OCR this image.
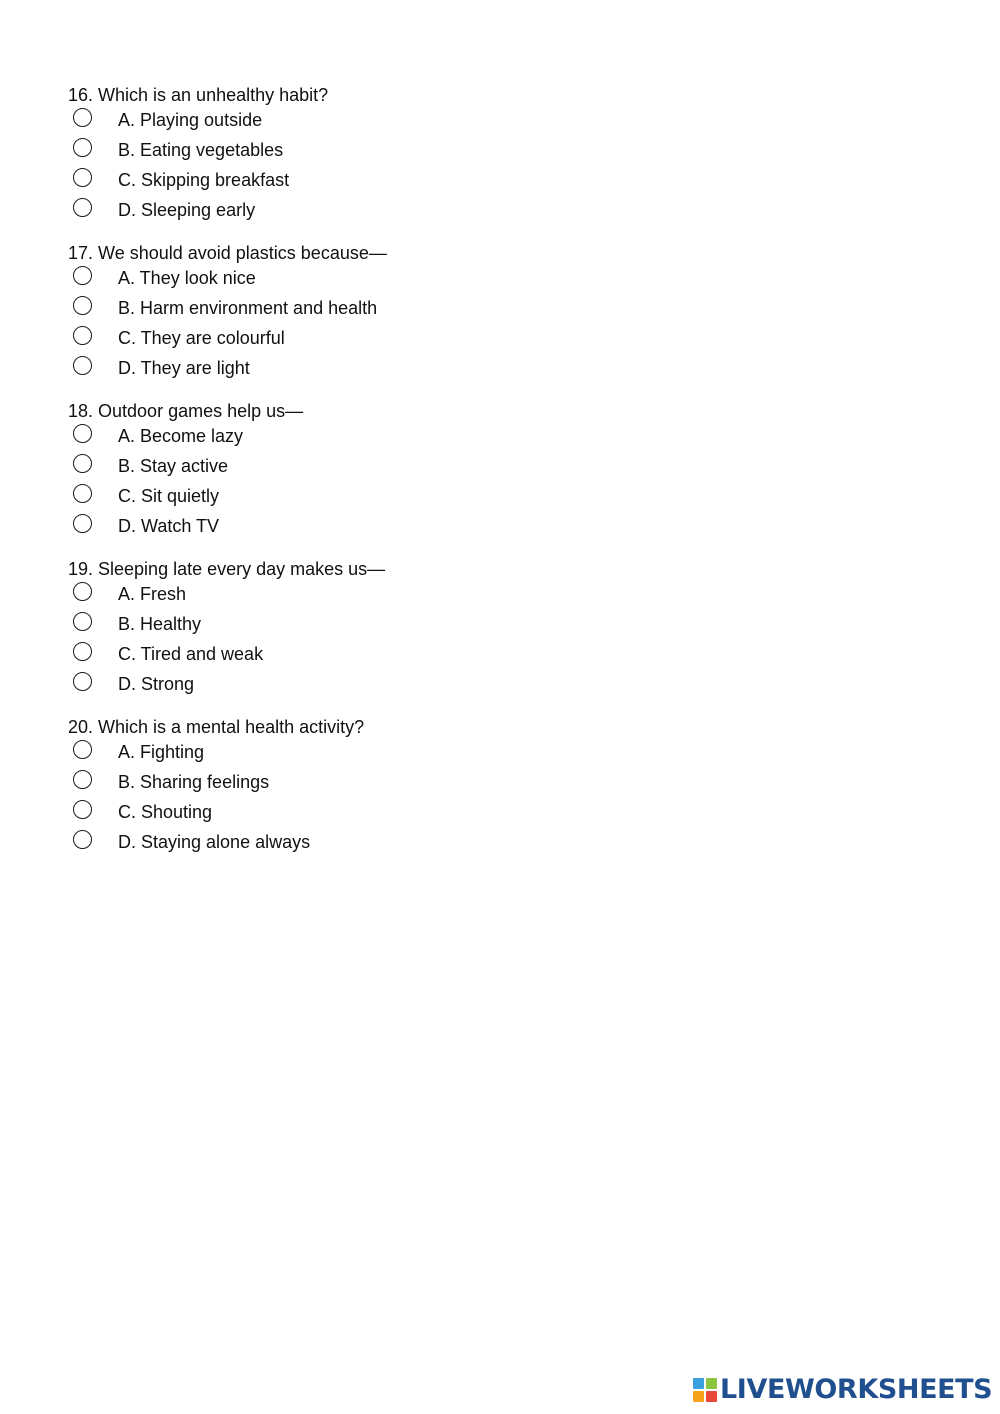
16. Which is an unhealthy habit?

A. Playing outside
B. Eating vegetables
C. Skipping breakfast
D. Sleeping early

17. We should avoid plastics because—

A. They look nice
B. Harm environment and health
C. They are colourful
D. They are light

18. Outdoor games help us—

A. Become lazy
B. Stay active
C. Sit quietly
D. Watch TV

19. Sleeping late every day makes us—

A. Fresh
B. Healthy
C. Tired and weak
D. Strong

20. Which is a mental health activity?

A. Fighting
B. Sharing feelings
C. Shouting
D. Staying alone always
LIVEWORKSHEETS
